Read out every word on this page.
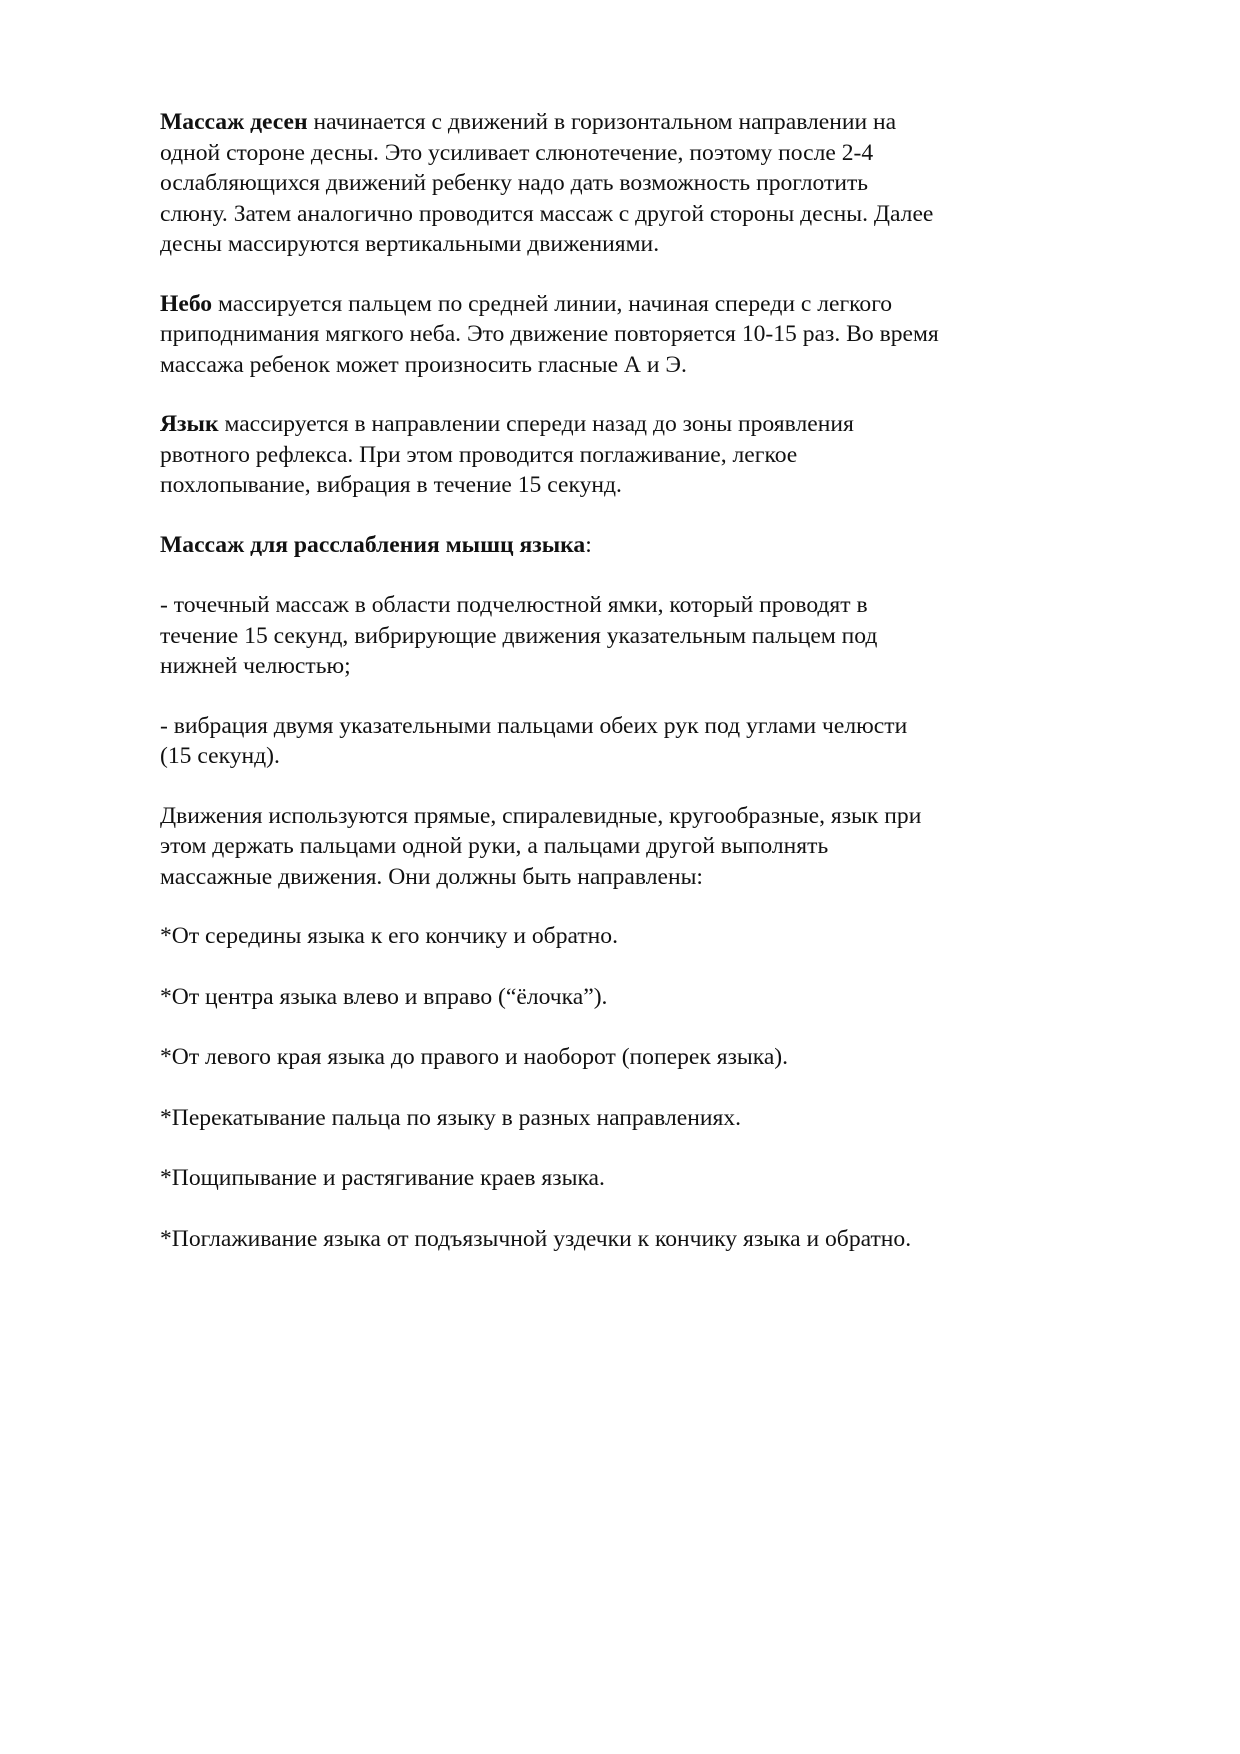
Массаж десен начинается с движений в горизонтальном направлении на
одной стороне десны. Это усиливает слюнотечение, поэтому после 2-4
ослабляющихся движений ребенку надо дать возможность проглотить
слюну. Затем аналогично проводится массаж с другой стороны десны. Далее
десны массируются вертикальными движениями.

Небо массируется пальцем по средней линии, начиная спереди с легкого
приподнимания мягкого неба. Это движение повторяется 10-15 раз. Во время
массажа ребенок может произносить гласные А и Э.

Язык массируется в направлении спереди назад до зоны проявления
рвотного рефлекса. При этом проводится поглаживание, легкое
похлопывание, вибрация в течение 15 секунд.

Массаж для расслабления мышц языка:

- точечный массаж в области подчелюстной ямки, который проводят в
течение 15 секунд, вибрирующие движения указательным пальцем под
нижней челюстью;

- вибрация двумя указательными пальцами обеих рук под углами челюсти
(15 секунд).

Движения используются прямые, спиралевидные, кругообразные, язык при
этом держать пальцами одной руки, а пальцами другой выполнять
массажные движения. Они должны быть направлены:

*От середины языка к его кончику и обратно.

*От центра языка влево и вправо (“ёлочка”).

*От левого края языка до правого и наоборот (поперек языка).

*Перекатывание пальца по языку в разных направлениях.

*Пощипывание и растягивание краев языка.

*Поглаживание языка от подъязычной уздечки к кончику языка и обратно.
